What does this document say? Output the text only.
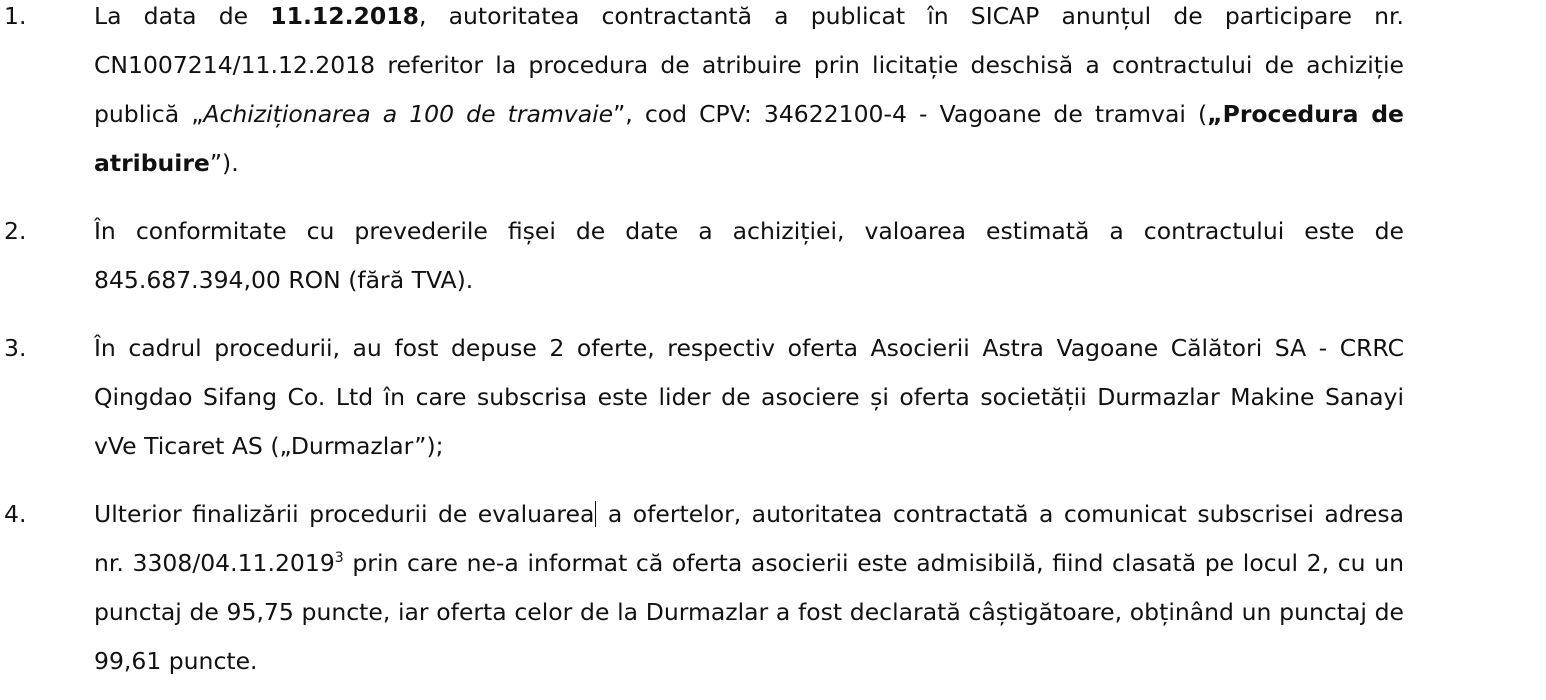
1.	La data de 11.12.2018, autoritatea contractantă a publicat în SICAP anunțul de participare nr. CN1007214/11.12.2018 referitor la procedura de atribuire prin licitație deschisă a contractului de achiziție publică „Achiziționarea a 100 de tramvaie”, cod CPV: 34622100-4 - Vagoane de tramvai („Procedura de atribuire”).

2.	În conformitate cu prevederile fișei de date a achiziției, valoarea estimată a contractului este de 845.687.394,00 RON (fără TVA).

3.	În cadrul procedurii, au fost depuse 2 oferte, respectiv oferta Asocierii Astra Vagoane Călători SA - CRRC Qingdao Sifang Co. Ltd în care subscrisa este lider de asociere și oferta societății Durmazlar Makine Sanayi vVe Ticaret AS („Durmazlar”);

4.	Ulterior finalizării procedurii de evaluarea a ofertelor, autoritatea contractată a comunicat subscrisei adresa nr. 3308/04.11.2019$^3$ prin care ne-a informat că oferta asocierii este admisibilă, fiind clasată pe locul 2, cu un punctaj de 95,75 puncte, iar oferta celor de la Durmazlar a fost declarată câștigătoare, obținând un punctaj de 99,61 puncte.
